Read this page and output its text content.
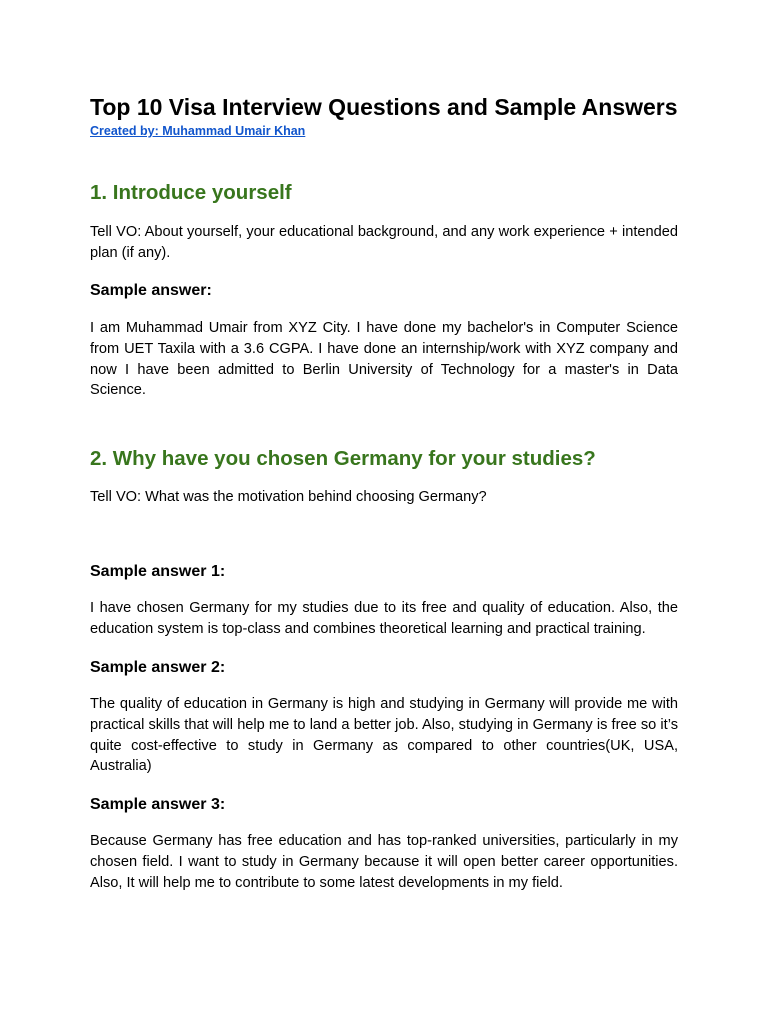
Top 10 Visa Interview Questions and Sample Answers
Created by: Muhammad Umair Khan
1. Introduce yourself

Tell VO: About yourself, your educational background, and any work experience + intended plan (if any).

Sample answer:

I am Muhammad Umair from XYZ City. I have done my bachelor's in Computer Science from UET Taxila with a 3.6 CGPA. I have done an internship/work with XYZ company and now I have been admitted to Berlin University of Technology for a master's in Data Science.

2. Why have you chosen Germany for your studies?

Tell VO: What was the motivation behind choosing Germany?

Sample answer 1:

I have chosen Germany for my studies due to its free and quality of education. Also, the education system is top-class and combines theoretical learning and practical training.

Sample answer 2:

The quality of education in Germany is high and studying in Germany will provide me with practical skills that will help me to land a better job. Also, studying in Germany is free so it’s quite cost-effective to study in Germany as compared to other countries(UK, USA, Australia)

Sample answer 3:

Because Germany has free education and has top-ranked universities, particularly in my chosen field. I want to study in Germany because it will open better career opportunities. Also, It will help me to contribute to some latest developments in my field.
